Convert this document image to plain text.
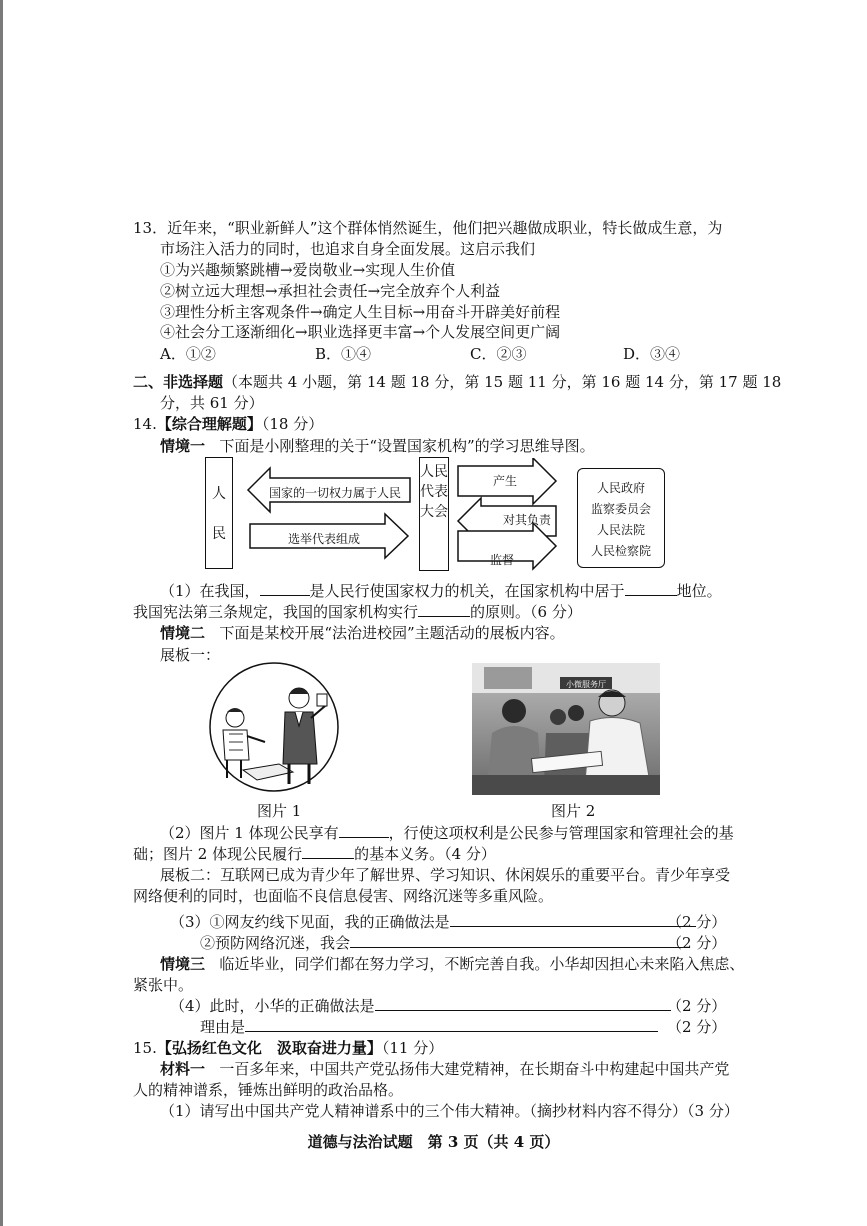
13．近年来，“职业新鲜人”这个群体悄然诞生，他们把兴趣做成职业，特长做成生意，为
市场注入活力的同时，也追求自身全面发展。这启示我们
①为兴趣频繁跳槽→爱岗敬业→实现人生价值
②树立远大理想→承担社会责任→完全放弃个人利益
③理性分析主客观条件→确定人生目标→用奋斗开辟美好前程
④社会分工逐渐细化→职业选择更丰富→个人发展空间更广阔
A．①②	B．①④	C．②③	D．③④
二、非选择题（本题共 4 小题，第 14 题 18 分，第 15 题 11 分，第 16 题 14 分，第 17 题 18
分，共 61 分）
14.【综合理解题】（18 分）
情境一 下面是小刚整理的关于“设置国家机构”的学习思维导图。
人
民
国家的一切权力属于人民
选举代表组成
人民代表大会
产生
对其负责
监督
人民政府
监察委员会
人民法院
人民检察院
（1）在我国，	是人民行使国家权力的机关，在国家机构中居于	地位。
我国宪法第三条规定，我国的国家机构实行	的原则。（6 分）
情境二 下面是某校开展“法治进校园”主题活动的展板内容。
展板一：
小微服务厅
图片 1	图片 2
（2）图片 1 体现公民享有	，行使这项权利是公民参与管理国家和管理社会的基
础；图片 2 体现公民履行	的基本义务。（4 分）
展板二：互联网已成为青少年了解世界、学习知识、休闲娱乐的重要平台。青少年享受
网络便利的同时，也面临不良信息侵害、网络沉迷等多重风险。
（3）①网友约线下见面，我的正确做法是	（2 分）
②预防网络沉迷，我会	（2 分）
情境三 临近毕业，同学们都在努力学习，不断完善自我。小华却因担心未来陷入焦虑、
紧张中。
（4）此时，小华的正确做法是	（2 分）
理由是	（2 分）
15.【弘扬红色文化　汲取奋进力量】（11 分）
材料一 一百多年来，中国共产党弘扬伟大建党精神，在长期奋斗中构建起中国共产党
人的精神谱系，锤炼出鲜明的政治品格。
（1）请写出中国共产党人精神谱系中的三个伟大精神。（摘抄材料内容不得分）（3 分）
道德与法治试题　第 3 页（共 4 页）
